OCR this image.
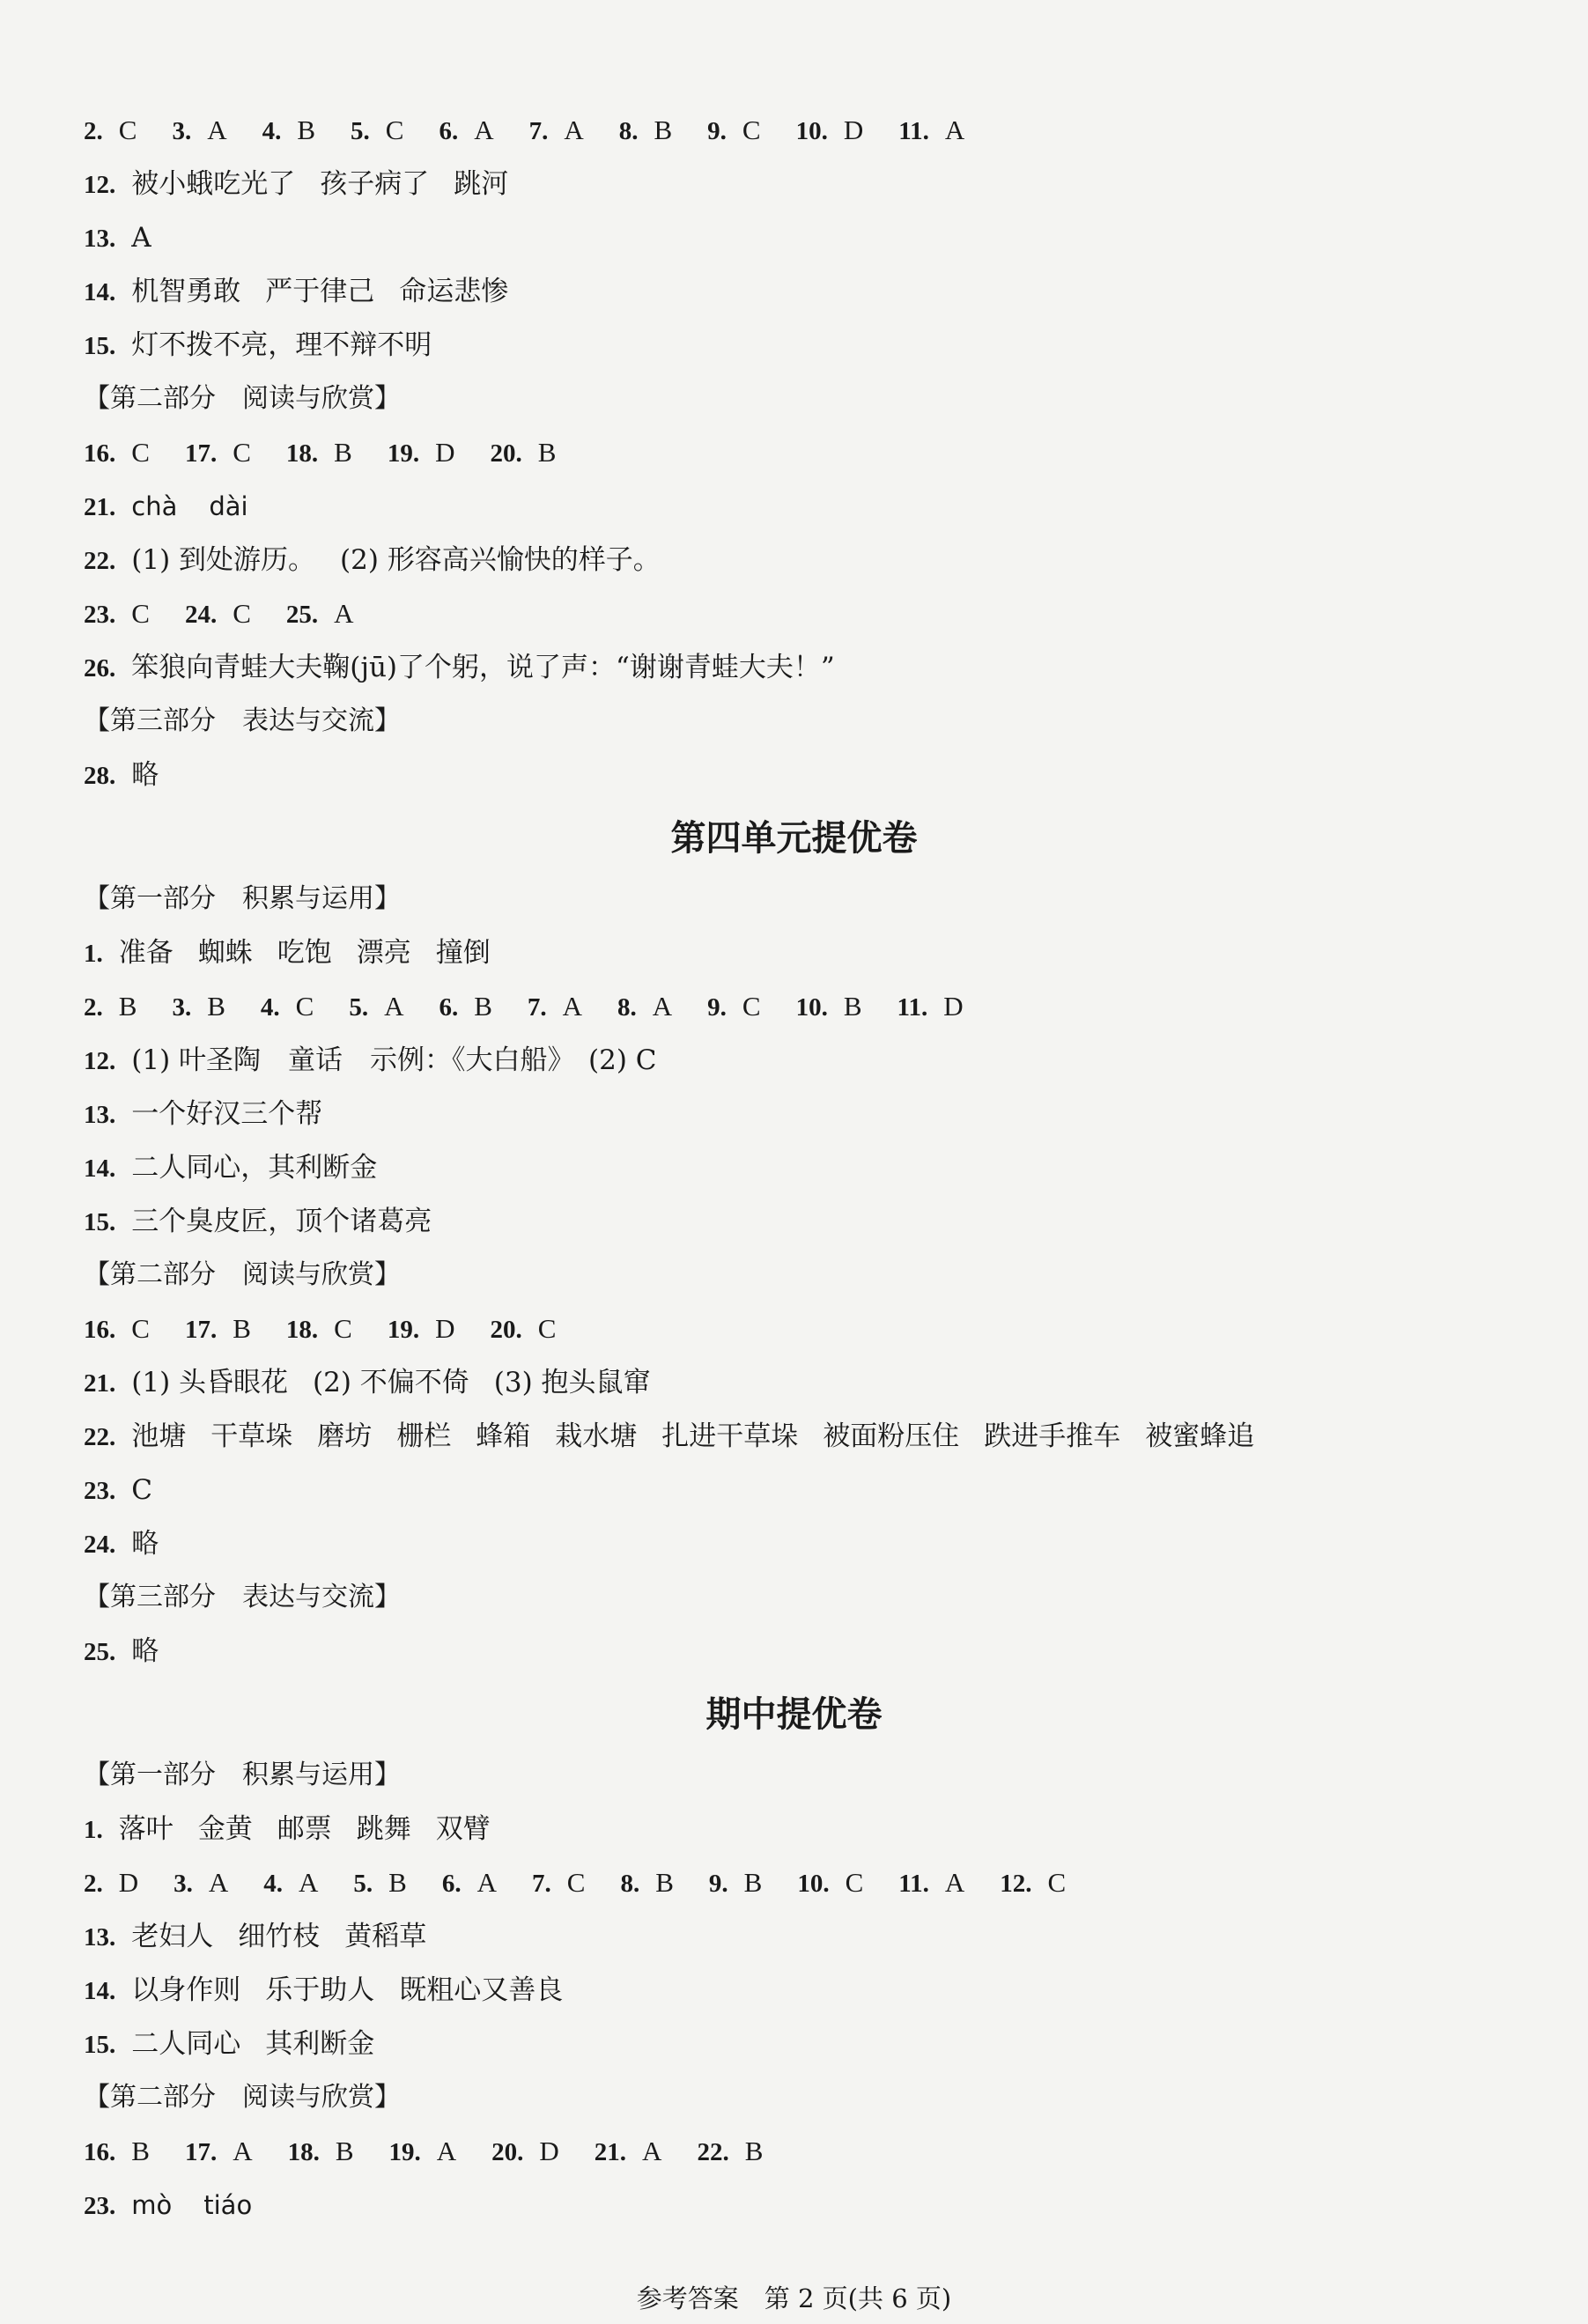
2. C 3. A 4. B 5. C 6. A 7. A 8. B 9. C 10. D 11. A
12. 被小蛾吃光了 孩子病了 跳河
13. A
14. 机智勇敢 严于律己 命运悲惨
15. 灯不拨不亮，理不辩不明
【第二部分　阅读与欣赏】
16. C 17. C 18. B 19. D 20. B
21. chà dài
22. (1) 到处游历。 (2) 形容高兴愉快的样子。
23. C 24. C 25. A
26. 笨狼向青蛙大夫鞠(jū)了个躬，说了声：“谢谢青蛙大夫！”
【第三部分　表达与交流】
28. 略
第四单元提优卷
【第一部分　积累与运用】
1. 准备 蜘蛛 吃饱 漂亮 撞倒
2. B 3. B 4. C 5. A 6. B 7. A 8. A 9. C 10. B 11. D
12. (1) 叶圣陶　童话　示例：《大白船》　(2) C
13. 一个好汉三个帮
14. 二人同心，其利断金
15. 三个臭皮匠，顶个诸葛亮
【第二部分　阅读与欣赏】
16. C 17. B 18. C 19. D 20. C
21. (1) 头昏眼花 (2) 不偏不倚 (3) 抱头鼠窜
22. 池塘 干草垛 磨坊 栅栏 蜂箱 栽水塘 扎进干草垛 被面粉压住 跌进手推车 被蜜蜂追
23. C
24. 略
【第三部分　表达与交流】
25. 略
期中提优卷
【第一部分　积累与运用】
1. 落叶 金黄 邮票 跳舞 双臂
2. D 3. A 4. A 5. B 6. A 7. C 8. B 9. B 10. C 11. A 12. C
13. 老妇人 细竹枝 黄稻草
14. 以身作则 乐于助人 既粗心又善良
15. 二人同心 其利断金
【第二部分　阅读与欣赏】
16. B 17. A 18. B 19. A 20. D 21. A 22. B
23. mò tiáo
参考答案　第 2 页(共 6 页)
